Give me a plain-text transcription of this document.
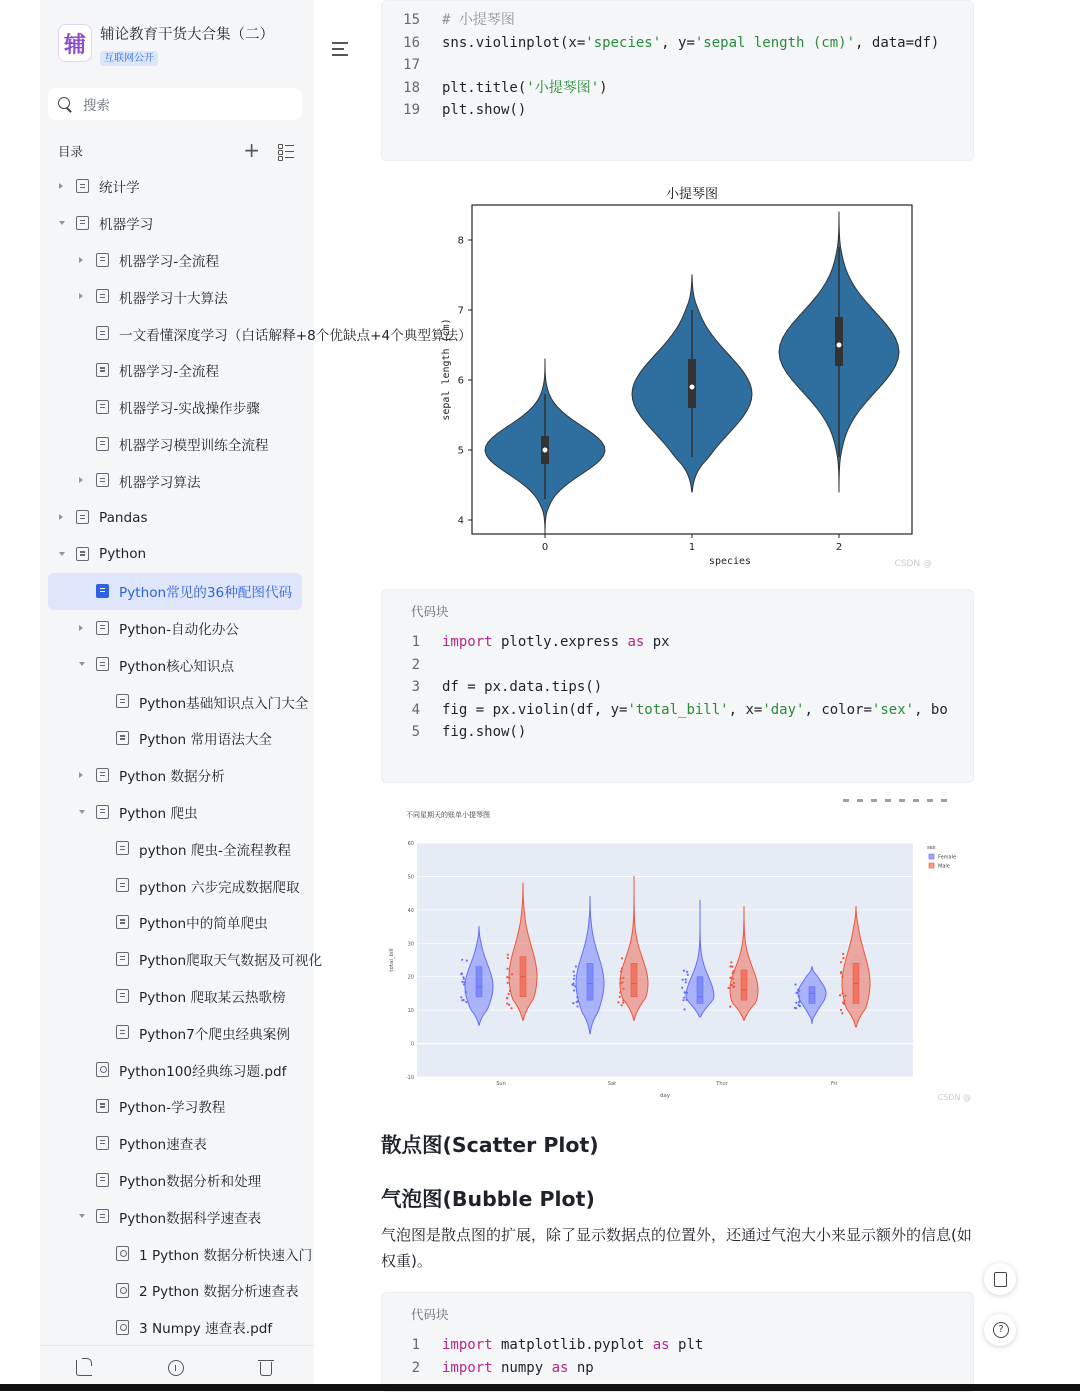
辅 辅论教育干货大合集（二）
互联网公开
搜索
目录	+
统计学
机器学习
机器学习-全流程
机器学习十大算法
一文看懂深度学习（白话解释+8个优缺点+4个典型算法）
机器学习-全流程
机器学习-实战操作步骤
机器学习模型训练全流程
机器学习算法
Pandas
Python
Python常见的36种配图代码
Python-自动化办公
Python核心知识点
Python基础知识点入门大全
Python 常用语法大全
Python 数据分析
Python 爬虫
python 爬虫-全流程教程
python 六步完成数据爬取
Python中的简单爬虫
Python爬取天气数据及可视化
Python 爬取某云热歌榜
Python7个爬虫经典案例
Python100经典练习题.pdf
Python-学习教程
Python速查表
Python数据分析和处理
Python数据科学速查表
1 Python 数据分析快速入门
2 Python 数据分析速查表
3 Numpy 速查表.pdf
15 # 小提琴图
16 sns.violinplot(x='species', y='sepal length (cm)', data=df)
17
18 plt.title('小提琴图')
19 plt.show()
小提琴图
4
5
6
7
8
0	1	2
species
sepal length (cm)
CSDN @
代码块
1 import plotly.express as px
2
3 df = px.data.tips()
4 fig = px.violin(df, y='total_bill', x='day', color='sex', bo
5 fig.show()
不同星期天的账单小提琴图
-10
0
10
20
30
40
50
60
Sun	Sat	Thur	Fri
day
total_bill
sex
Female
Male
CSDN @
散点图(Scatter Plot)
气泡图(Bubble Plot)
气泡图是散点图的扩展，除了显示数据点的位置外，还通过气泡大小来显示额外的信息(如权重)。
代码块
1 import matplotlib.pyplot as plt
2 import numpy as np
?
